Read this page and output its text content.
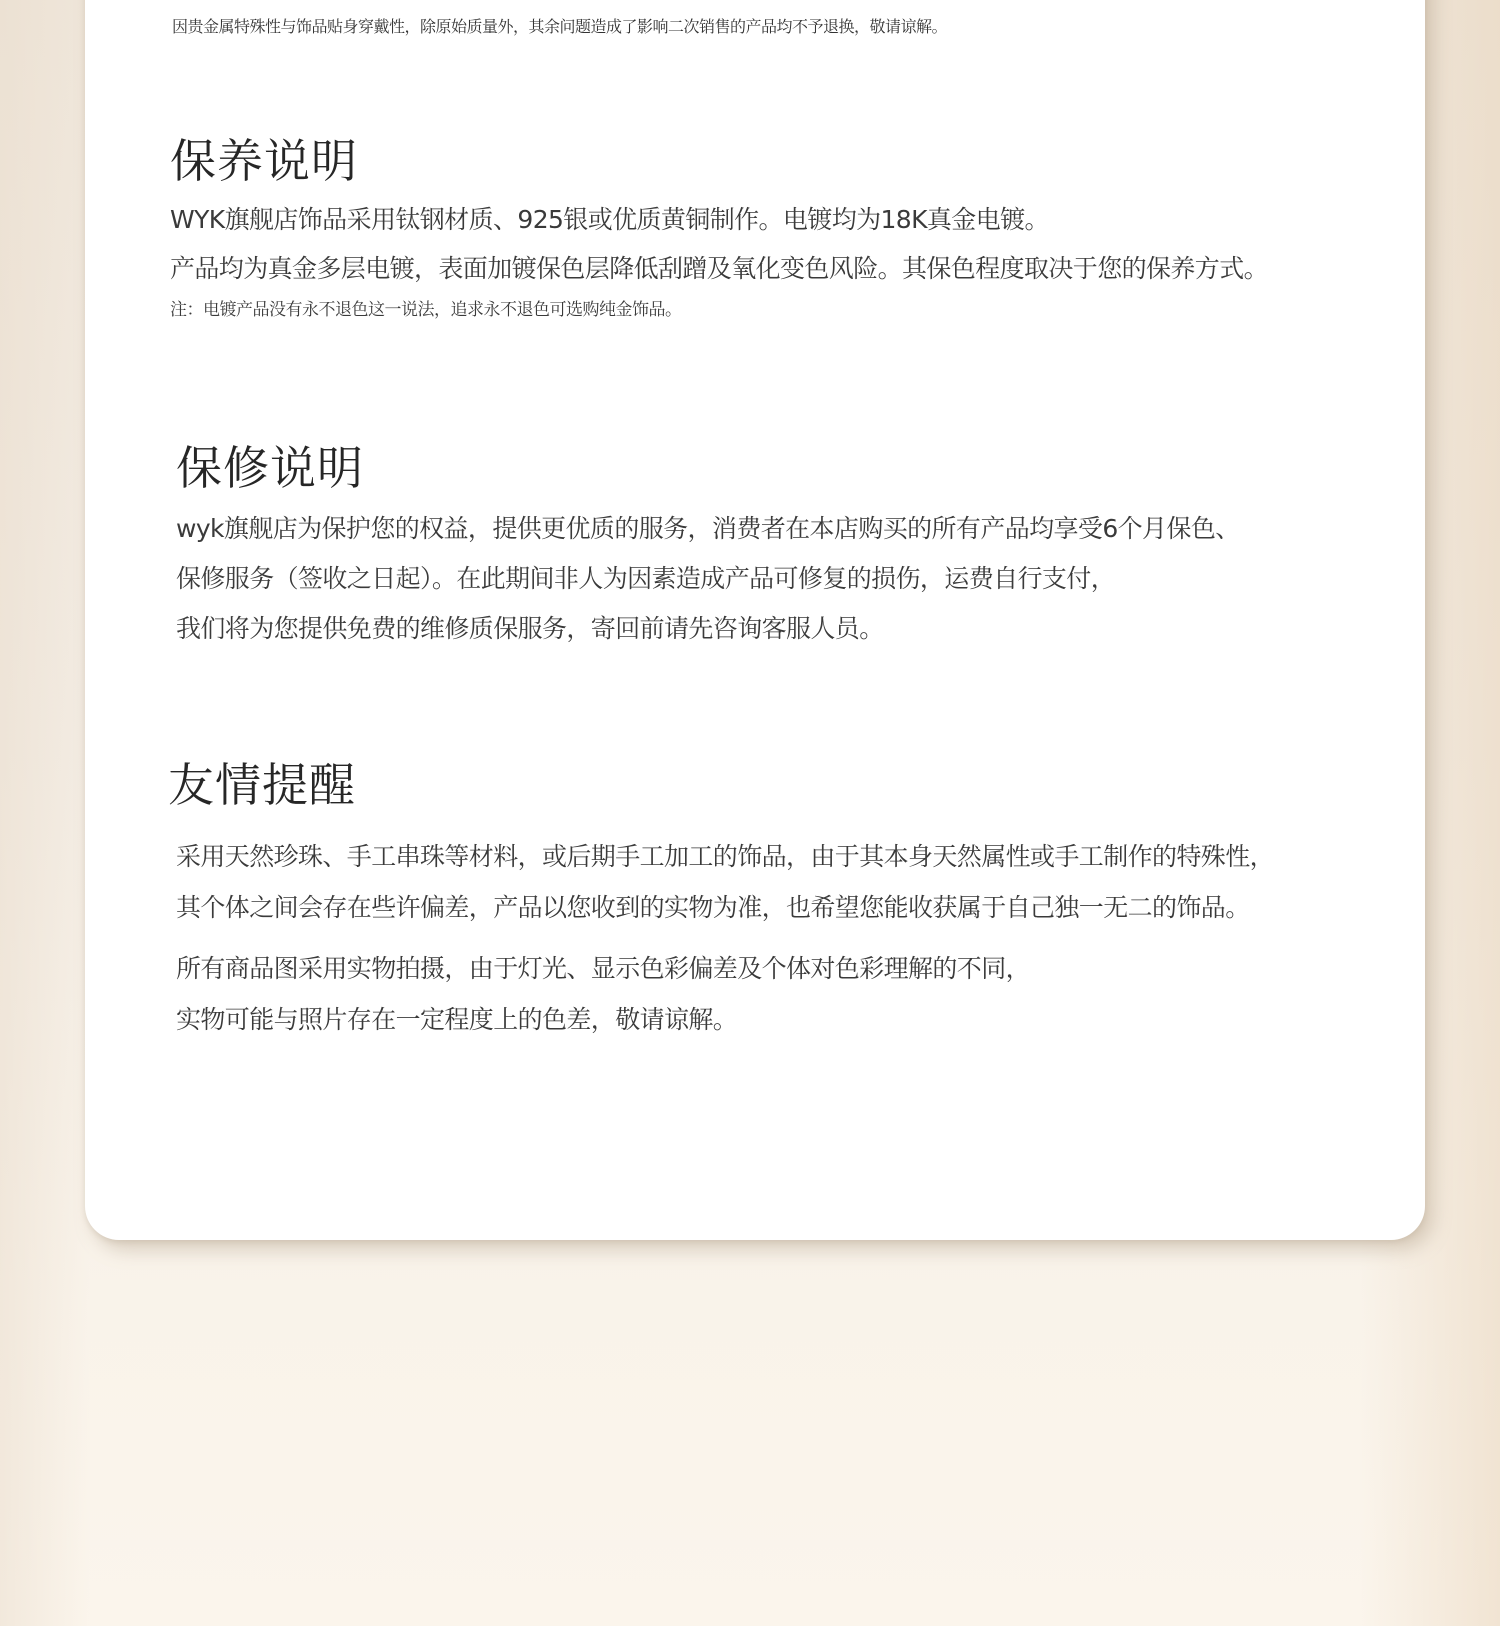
因贵金属特殊性与饰品贴身穿戴性，除原始质量外，其余问题造成了影响二次销售的产品均不予退换，敬请谅解。

保养说明

WYK旗舰店饰品采用钛钢材质、925银或优质黄铜制作。电镀均为18K真金电镀。

产品均为真金多层电镀，表面加镀保色层降低刮蹭及氧化变色风险。其保色程度取决于您的保养方式。

注：电镀产品没有永不退色这一说法，追求永不退色可选购纯金饰品。

保修说明

wyk旗舰店为保护您的权益，提供更优质的服务，消费者在本店购买的所有产品均享受6个月保色、

保修服务（签收之日起）。在此期间非人为因素造成产品可修复的损伤，运费自行支付，

我们将为您提供免费的维修质保服务，寄回前请先咨询客服人员。

友情提醒

采用天然珍珠、手工串珠等材料，或后期手工加工的饰品，由于其本身天然属性或手工制作的特殊性，

其个体之间会存在些许偏差，产品以您收到的实物为准，也希望您能收获属于自己独一无二的饰品。

所有商品图采用实物拍摄，由于灯光、显示色彩偏差及个体对色彩理解的不同，

实物可能与照片存在一定程度上的色差，敬请谅解。
